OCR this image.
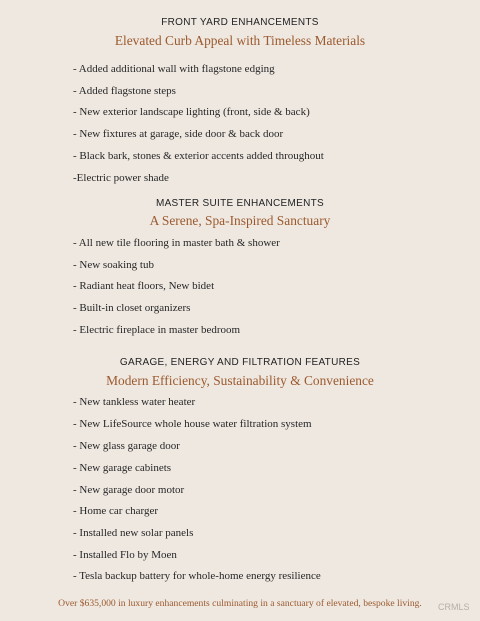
FRONT YARD ENHANCEMENTS
Elevated Curb Appeal with Timeless Materials
- Added additional wall with flagstone edging
- Added flagstone steps
- New exterior landscape lighting (front, side & back)
- New fixtures at garage, side door & back door
- Black bark, stones & exterior accents added throughout
-Electric power shade
MASTER SUITE ENHANCEMENTS
A Serene, Spa-Inspired Sanctuary
- All new tile flooring in master bath & shower
- New soaking tub
- Radiant heat floors, New bidet
- Built-in closet organizers
- Electric fireplace in master bedroom
GARAGE, ENERGY AND FILTRATION FEATURES
Modern Efficiency, Sustainability & Convenience
- New tankless water heater
- New LifeSource whole house water filtration system
- New glass garage door
- New garage cabinets
- New garage door motor
- Home car charger
- Installed new solar panels
- Installed Flo by Moen
- Tesla backup battery for whole-home energy resilience
Over $635,000 in luxury enhancements culminating in a sanctuary of elevated, bespoke living.	CRMLS
